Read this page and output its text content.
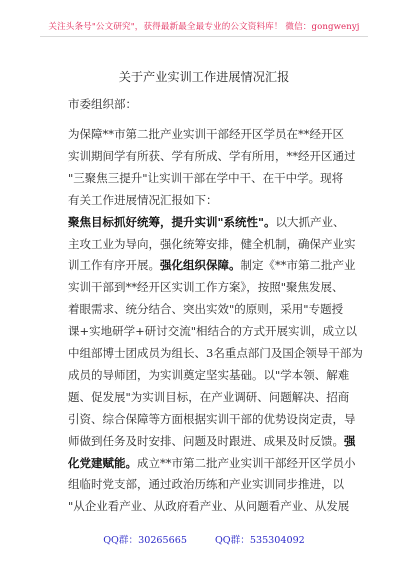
关注头条号"公文研究"，获得最新最全最专业的公文资料库！ 微信：gongwenyj
关于产业实训工作进展情况汇报
市委组织部：
为保障**市第二批产业实训干部经开区学员在**经开区
实训期间学有所获、学有所成、学有所用，**经开区通过
"三聚焦三提升"让实训干部在学中干、在干中学。现将
有关工作进展情况汇报如下：
聚焦目标抓好统筹，提升实训"系统性"。以大抓产业、
主攻工业为导向，强化统筹安排，健全机制，确保产业实
训工作有序开展。强化组织保障。制定《**市第二批产业
实训干部到**经开区实训工作方案》，按照"聚焦发展、
着眼需求、统分结合、突出实效"的原则，采用"专题授
课+实地研学+研讨交流"相结合的方式开展实训，成立以
中组部博士团成员为组长、3名重点部门及国企领导干部为
成员的导师团，为实训奠定坚实基础。以"学本领、解难
题、促发展"为实训目标，在产业调研、问题解决、招商
引资、综合保障等方面根据实训干部的优势设岗定责，导
师做到任务及时安排、问题及时跟进、成果及时反馈。强
化党建赋能。成立**市第二批产业实训干部经开区学员小
组临时党支部，通过政治历练和产业实训同步推进，以
"从企业看产业、从政府看产业、从问题看产业、从发展
QQ群：30265665	QQ群：535304092
